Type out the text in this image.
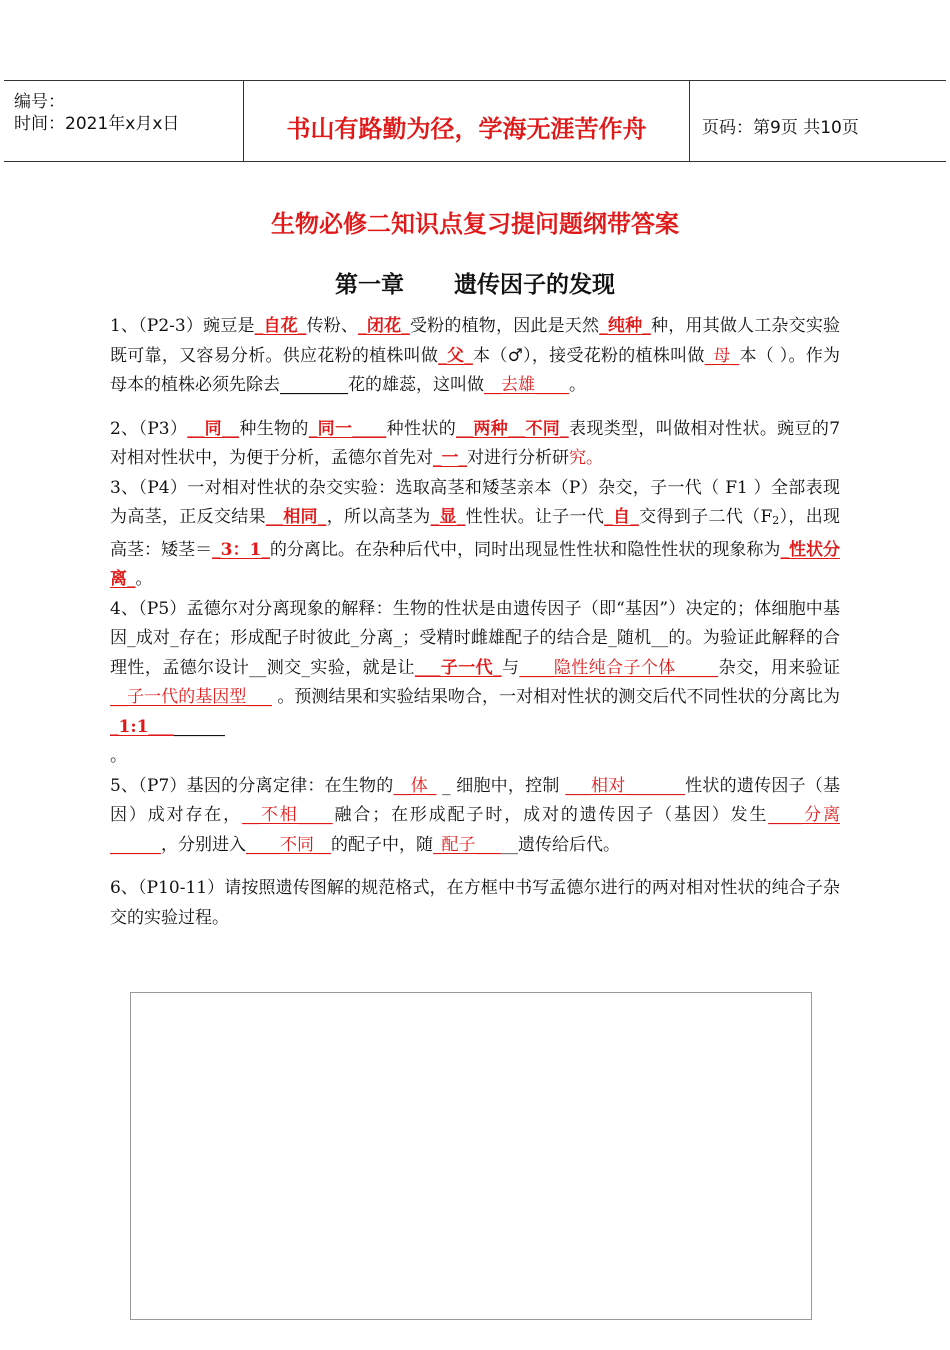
编号：
时间：2021年x月x日	书山有路勤为径，学海无涯苦作舟	页码：第9页 共10页
生物必修二知识点复习提问题纲带答案
第一章 遗传因子的发现

1、（P2-3）豌豆是_自花_传粉、_闭花_受粉的植物，因此是天然_纯种_种，用其做人工杂交实验既可靠，又容易分析。供应花粉的植株叫做_父_本（♂），接受花粉的植株叫做_母_本（ ）。作为母本的植株必须先除去________花的雄蕊，这叫做__去雄____。

2、（P3）__同__种生物的_同一____种性状的__两种__不同_表现类型，叫做相对性状。豌豆的7对相对性状中，为便于分析，孟德尔首先对_一_对进行分析研究。

3、（P4）一对相对性状的杂交实验：选取高茎和矮茎亲本（P）杂交，子一代（ F1 ）全部表现为高茎，正反交结果__相同_，所以高茎为_显_性性状。让子一代_自_交得到子二代（F2），出现高茎：矮茎＝_3：1_的分离比。在杂种后代中，同时出现显性性状和隐性性状的现象称为_性状分离_。

4、（P5）孟德尔对分离现象的解释：生物的性状是由遗传因子（即“基因”）决定的；体细胞中基因_成对_存在；形成配子时彼此_分离_；受精时雌雄配子的结合是_随机__的。为验证此解释的合理性，孟德尔设计__测交_实验，就是让___子一代_与____隐性纯合子个体_____杂交，用来验证__子一代的基因型___ 。预测结果和实验结果吻合，一对相对性状的测交后代不同性状的分离比为_1:1_________
。

5、（P7）基因的分离定律：在生物的__体_ _ 细胞中，控制 ___相对_______性状的遗传因子（基因）成对存在，__不相____融合；在形成配子时，成对的遗传因子（基因）发生____分离______，分别进入____不同__的配子中，随_配子_____遗传给后代。

6、（P10-11）请按照遗传图解的规范格式，在方框中书写孟德尔进行的两对相对性状的纯合子杂交的实验过程。
